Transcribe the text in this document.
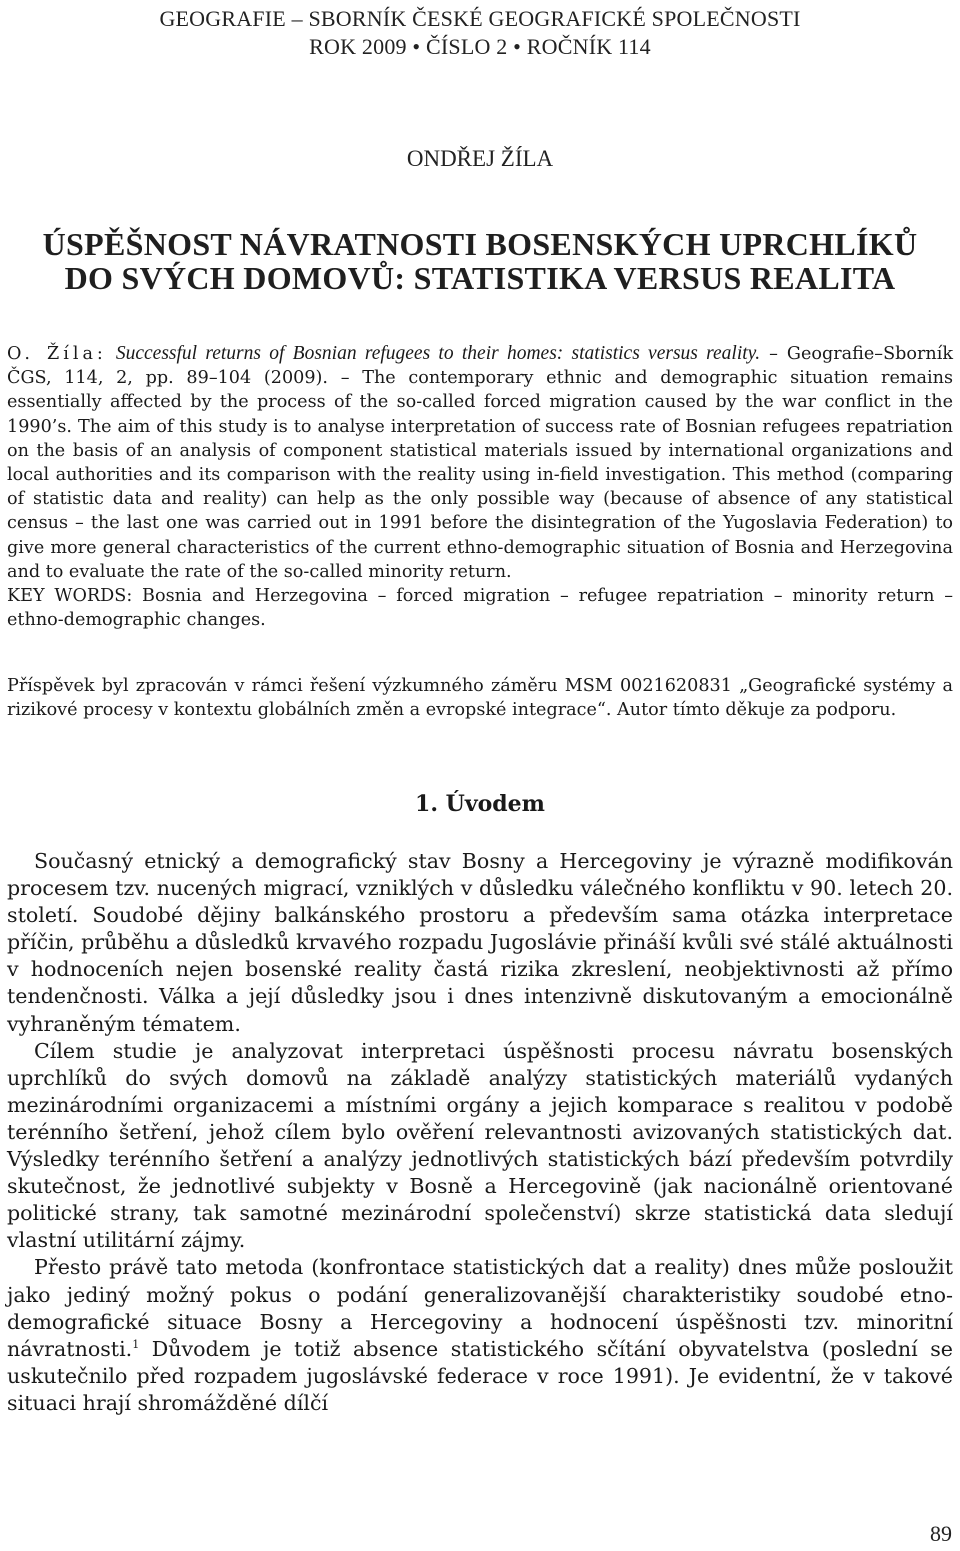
GEOGRAFIE – SBORNÍK ČESKÉ GEOGRAFICKÉ SPOLEČNOSTI
ROK 2009 • ČÍSLO 2 • ROČNÍK 114
ONDŘEJ ŽÍLA
ÚSPĚŠNOST NÁVRATNOSTI BOSENSKÝCH UPRCHLÍKŮ
DO SVÝCH DOMOVŮ: STATISTIKA VERSUS REALITA

O. Žíla: Successful returns of Bosnian refugees to their homes: statistics versus reality. – Geografie–Sborník ČGS, 114, 2, pp. 89–104 (2009). – The contemporary ethnic and demographic situation remains essentially affected by the process of the so-called forced migration caused by the war conflict in the 1990’s. The aim of this study is to analyse interpretation of success rate of Bosnian refugees repatriation on the basis of an analysis of component statistical materials issued by international organizations and local authorities and its comparison with the reality using in-field investigation. This method (comparing of statistic data and reality) can help as the only possible way (because of absence of any statistical census – the last one was carried out in 1991 before the disintegration of the Yugoslavia Federation) to give more general characteristics of the current ethno-demographic situation of Bosnia and Herzegovina and to evaluate the rate of the so-called minority return.

KEY WORDS: Bosnia and Herzegovina – forced migration – refugee repatriation – minority return – ethno-demographic changes.

Příspěvek byl zpracován v rámci řešení výzkumného záměru MSM 0021620831 „Geografické systémy a rizikové procesy v kontextu globálních změn a evropské integrace“. Autor tímto děkuje za podporu.
1. Úvodem

Současný etnický a demografický stav Bosny a Hercegoviny je výrazně modifikován procesem tzv. nucených migrací, vzniklých v důsledku válečného konfliktu v 90. letech 20. století. Soudobé dějiny balkánského prostoru a především sama otázka interpretace příčin, průběhu a důsledků krvavého rozpadu Jugoslávie přináší kvůli své stálé aktuálnosti v hodnoceních nejen bosenské reality častá rizika zkreslení, neobjektivnosti až přímo tendenčnosti. Válka a její důsledky jsou i dnes intenzivně diskutovaným a emocionálně vyhraněným tématem.

Cílem studie je analyzovat interpretaci úspěšnosti procesu návratu bosenských uprchlíků do svých domovů na základě analýzy statistických materiálů vydaných mezinárodními organizacemi a místními orgány a jejich komparace s realitou v podobě terénního šetření, jehož cílem bylo ověření relevantnosti avizovaných statistických dat. Výsledky terénního šetření a analýzy jednotlivých statistických bází především potvrdily skutečnost, že jednotlivé subjekty v Bosně a Hercegovině (jak nacionálně orientované politické strany, tak samotné mezinárodní společenství) skrze statistická data sledují vlastní utilitární zájmy.

Přesto právě tato metoda (konfrontace statistických dat a reality) dnes může posloužit jako jediný možný pokus o podání generalizovanější charakteristiky soudobé etno-demografické situace Bosny a Hercegoviny a hodnocení úspěšnosti tzv. minoritní návratnosti.$^1$ Důvodem je totiž absence statistického sčítání obyvatelstva (poslední se uskutečnilo před rozpadem jugoslávské federace v roce 1991). Je evidentní, že v takové situaci hrají shromážděné dílčí

89
